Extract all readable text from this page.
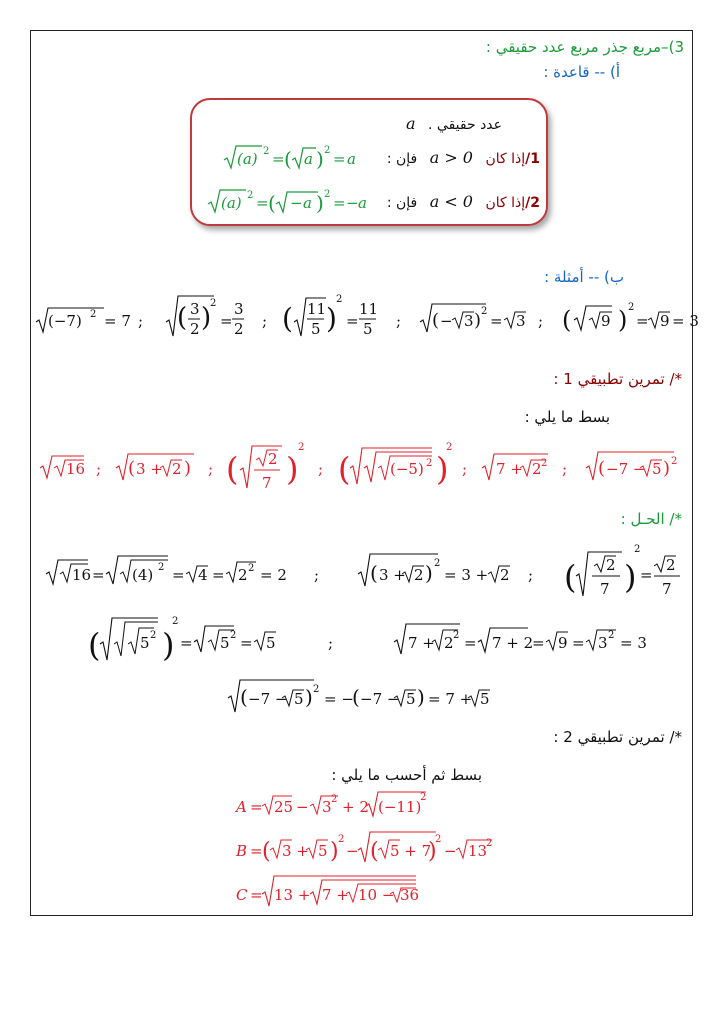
3)–مربع جذر مربع عدد حقيقي :
أ) -- قاعدة :
عدد حقيقي . a
1/إذا كان a > 0 فإن :
(a) 2 = ( a ) 2 = a
2/إذا كان a < 0 فإن :
(a) 2 = ( − a ) 2 = − a
ب) -- أمثلة :
(−7) 2 = 7 ; ( 3
2 )
2
=
3
2 ; ( 11
5 )
2
=
11
5 ; ( − 3 ) 2
= 3 ; ( 9 ) 2
= 9 = 3
*/ تمرين تطبيقي 1 :
بسط ما يلي :
16 ; ( 3 + 2 ) ; ( 2
7 )
2
; (	(−5) 2 )
2
; 7 + 2 2 ; ( −7 − 5 ) 2
*/ الحـل :
16 = (4) 2 = 4 = 2 2 = 2 ;	( 3 + 2 ) 2
= 3 + 2 ; ( 2
7 )
2
=
2
7
(	5 2 )
2
= 5 2 = 5	;	7 + 2 2 = 7 + 2
= 9 = 3 2 = 3
( −7 − 5 ) 2
= −
( −7 − 5 ) = 7 + 5
*/ تمرين تطبيقي 2 :
بسط ثم أحسب ما يلي :
A = 25 − 3 2 + 2 (−11)
2
B = ( 3 + 5 ) 2
− ( 5 + 7
)
2
− 13
2
C = 13 + 7 + 10 − 36
